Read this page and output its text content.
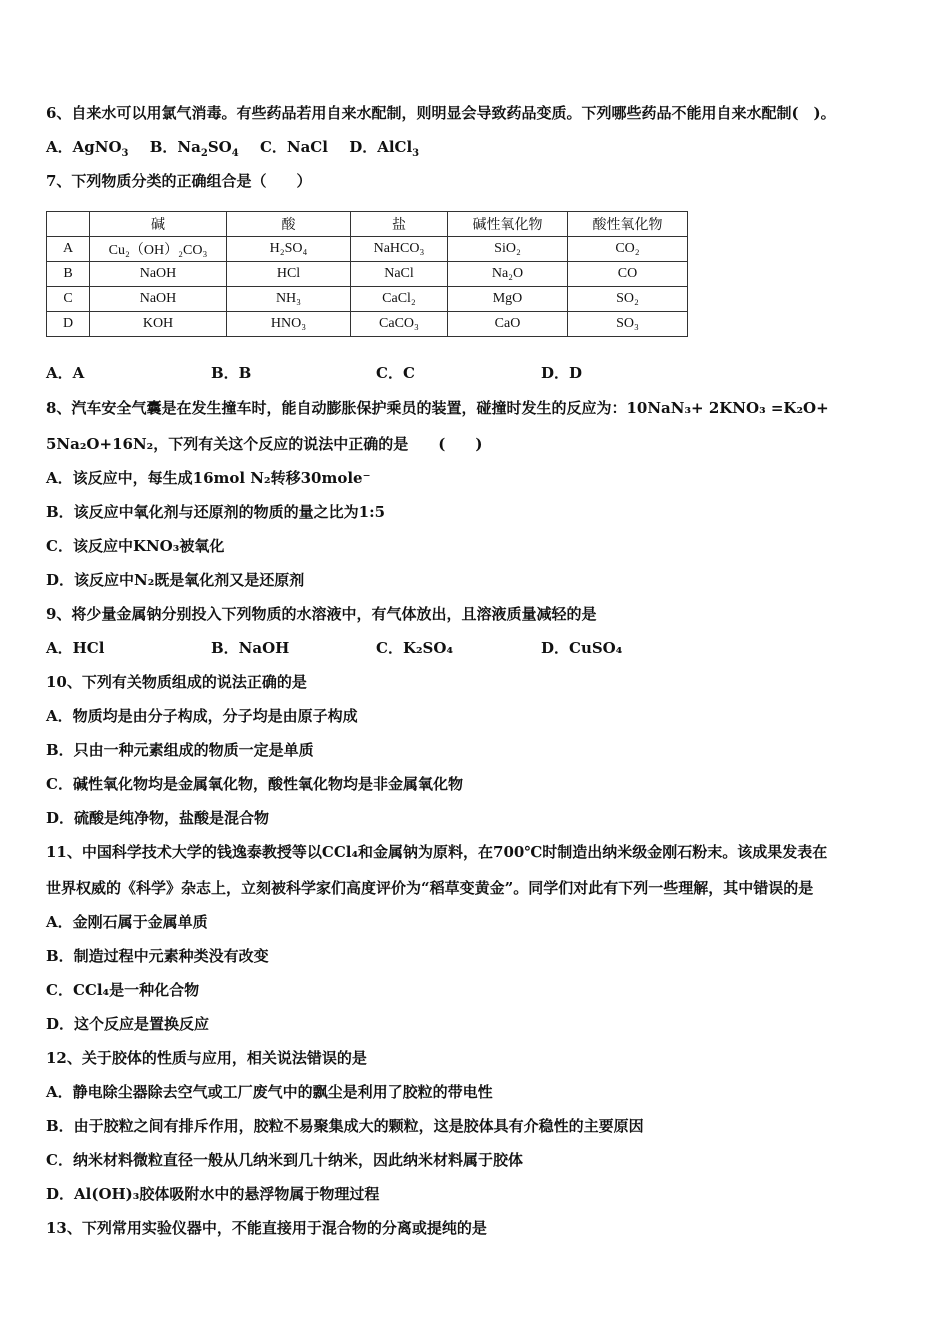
6、自来水可以用氯气消毒。有些药品若用自来水配制，则明显会导致药品变质。下列哪些药品不能用自来水配制( )。
A．AgNO$_3$ B．$Na_2SO_4$ C．NaCl D．AlCl$_3$
7、下列物质分类的正确组合是（　　）
	碱	酸	盐	碱性氧化物	酸性氧化物
A	Cu₂（OH）₂CO₃	H₂SO₄	NaHCO₃	SiO₂	CO₂
B	NaOH	HCl	NaCl	Na₂O	CO
C	NaOH	NH₃	CaCl₂	MgO	SO₂
D	KOH	HNO₃	CaCO₃	CaO	SO₃
A．A	B．B	C．C	D．D
8、汽车安全气囊是在发生撞车时，能自动膨胀保护乘员的装置，碰撞时发生的反应为：10NaN₃+ 2KNO₃ =K₂O+
5Na₂O+16N₂，下列有关这个反应的说法中正确的是　　(　　)
A．该反应中，每生成16mol N₂转移30mole⁻
B．该反应中氧化剂与还原剂的物质的量之比为1:5
C．该反应中KNO₃被氧化
D．该反应中N₂既是氧化剂又是还原剂
9、将少量金属钠分别投入下列物质的水溶液中，有气体放出，且溶液质量减轻的是
A．HCl	B．NaOH	C．K₂SO₄	D．CuSO₄
10、下列有关物质组成的说法正确的是
A．物质均是由分子构成，分子均是由原子构成
B．只由一种元素组成的物质一定是单质
C．碱性氧化物均是金属氧化物，酸性氧化物均是非金属氧化物
D．硫酸是纯净物，盐酸是混合物
11、中国科学技术大学的钱逸泰教授等以CCl₄和金属钠为原料，在700℃时制造出纳米级金刚石粉末。该成果发表在
世界权威的《科学》杂志上，立刻被科学家们高度评价为“稻草变黄金”。同学们对此有下列一些理解，其中错误的是
A．金刚石属于金属单质
B．制造过程中元素种类没有改变
C．CCl₄是一种化合物
D．这个反应是置换反应
12、关于胶体的性质与应用，相关说法错误的是
A．静电除尘器除去空气或工厂废气中的飘尘是利用了胶粒的带电性
B．由于胶粒之间有排斥作用，胶粒不易聚集成大的颗粒，这是胶体具有介稳性的主要原因
C．纳米材料微粒直径一般从几纳米到几十纳米，因此纳米材料属于胶体
D．Al(OH)₃胶体吸附水中的悬浮物属于物理过程
13、下列常用实验仪器中，不能直接用于混合物的分离或提纯的是
